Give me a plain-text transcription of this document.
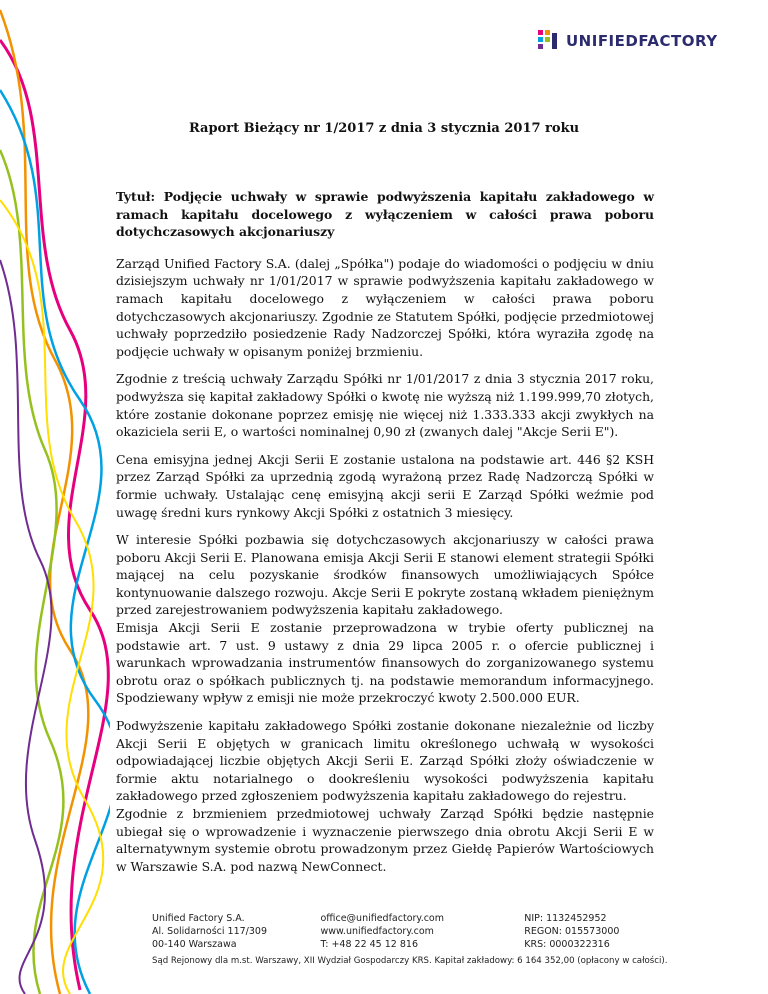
UNIFIEDFACTORY
Raport Bieżący nr 1/2017 z dnia 3 stycznia 2017 roku

Tytuł: Podjęcie uchwały w sprawie podwyższenia kapitału zakładowego w ramach kapitału docelowego z wyłączeniem w całości prawa poboru dotychczasowych akcjonariuszy

Zarząd Unified Factory S.A. (dalej „Spółka") podaje do wiadomości o podjęciu w dniu dzisiejszym uchwały nr 1/01/2017 w sprawie podwyższenia kapitału zakładowego w ramach kapitału docelowego z wyłączeniem w całości prawa poboru dotychczasowych akcjonariuszy. Zgodnie ze Statutem Spółki, podjęcie przedmiotowej uchwały poprzedziło posiedzenie Rady Nadzorczej Spółki, która wyraziła zgodę na podjęcie uchwały w opisanym poniżej brzmieniu.

Zgodnie z treścią uchwały Zarządu Spółki nr 1/01/2017 z dnia 3 stycznia 2017 roku, podwyższa się kapitał zakładowy Spółki o kwotę nie wyższą niż 1.199.999,70 złotych, które zostanie dokonane poprzez emisję nie więcej niż 1.333.333 akcji zwykłych na okaziciela serii E, o wartości nominalnej 0,90 zł (zwanych dalej "Akcje Serii E").

Cena emisyjna jednej Akcji Serii E zostanie ustalona na podstawie art. 446 §2 KSH przez Zarząd Spółki za uprzednią zgodą wyrażoną przez Radę Nadzorczą Spółki w formie uchwały. Ustalając cenę emisyjną akcji serii E Zarząd Spółki weźmie pod uwagę średni kurs rynkowy Akcji Spółki z ostatnich 3 miesięcy.

W interesie Spółki pozbawia się dotychczasowych akcjonariuszy w całości prawa poboru Akcji Serii E. Planowana emisja Akcji Serii E stanowi element strategii Spółki mającej na celu pozyskanie środków finansowych umożliwiających Spółce kontynuowanie dalszego rozwoju. Akcje Serii E pokryte zostaną wkładem pieniężnym przed zarejestrowaniem podwyższenia kapitału zakładowego.

Emisja Akcji Serii E zostanie przeprowadzona w trybie oferty publicznej na podstawie art. 7 ust. 9 ustawy z dnia 29 lipca 2005 r. o ofercie publicznej i warunkach wprowadzania instrumentów finansowych do zorganizowanego systemu obrotu oraz o spółkach publicznych tj. na podstawie memorandum informacyjnego. Spodziewany wpływ z emisji nie może przekroczyć kwoty 2.500.000 EUR.

Podwyższenie kapitału zakładowego Spółki zostanie dokonane niezależnie od liczby Akcji Serii E objętych w granicach limitu określonego uchwałą w wysokości odpowiadającej liczbie objętych Akcji Serii E. Zarząd Spółki złoży oświadczenie w formie aktu notarialnego o dookreśleniu wysokości podwyższenia kapitału zakładowego przed zgłoszeniem podwyższenia kapitału zakładowego do rejestru.

Zgodnie z brzmieniem przedmiotowej uchwały Zarząd Spółki będzie następnie ubiegał się o wprowadzenie i wyznaczenie pierwszego dnia obrotu Akcji Serii E w alternatywnym systemie obrotu prowadzonym przez Giełdę Papierów Wartościowych w Warszawie S.A. pod nazwą NewConnect.

Unified Factory S.A.
Al. Solidarności 117/309
00-140 Warszawa
office@unifiedfactory.com
www.unifiedfactory.com
T: +48 22 45 12 816
NIP: 1132452952
REGON: 015573000
KRS: 0000322316
Sąd Rejonowy dla m.st. Warszawy, XII Wydział Gospodarczy KRS. Kapitał zakładowy: 6 164 352,00 (opłacony w całości).
